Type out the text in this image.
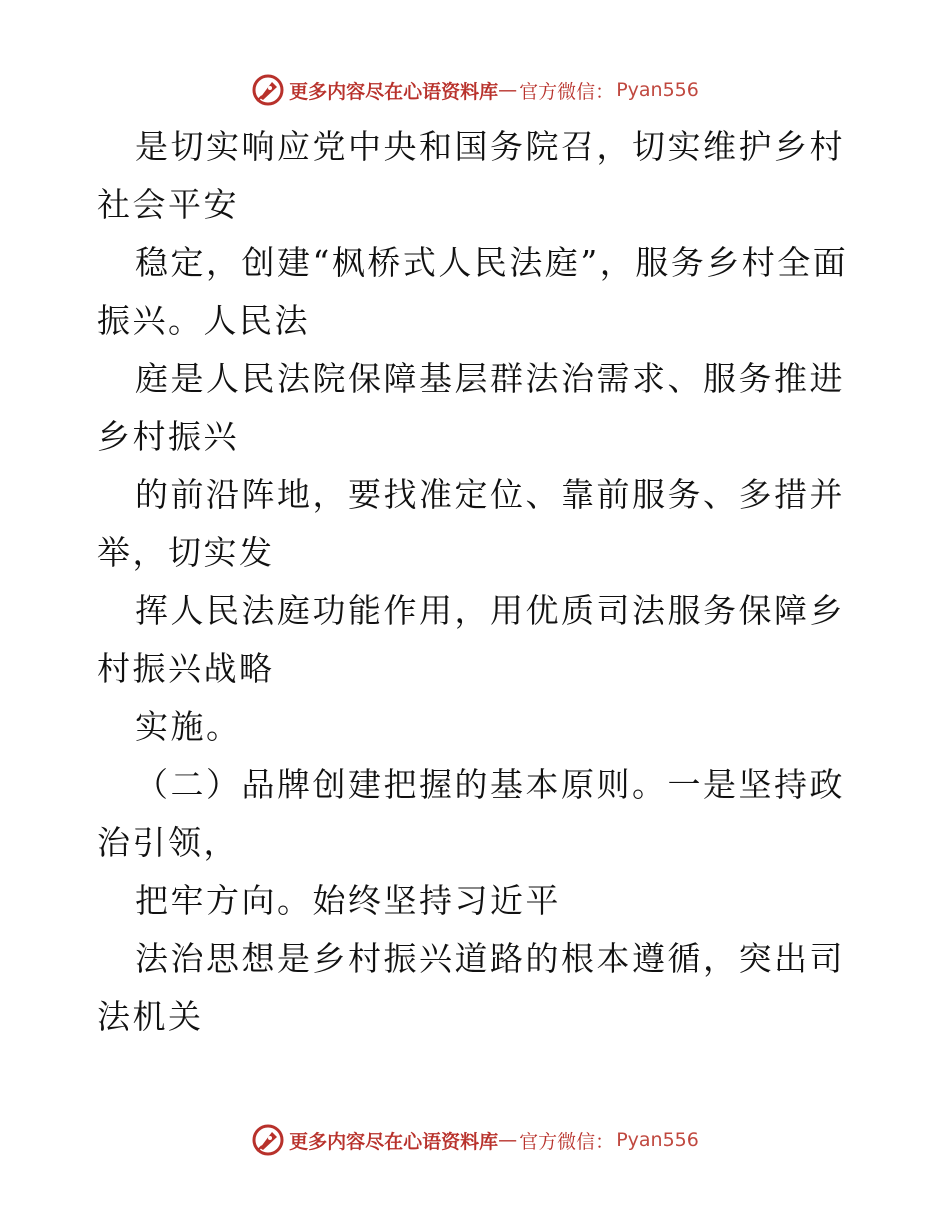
更多内容尽在心语资料库 — 官方微信： Pyan556

是切实响应党中央和国务院召，切实维护乡村社会平安

稳定，创建“枫桥式人民法庭”，服务乡村全面振兴。人民法

庭是人民法院保障基层群法治需求、服务推进乡村振兴

的前沿阵地，要找准定位、靠前服务、多措并举，切实发

挥人民法庭功能作用，用优质司法服务保障乡村振兴战略

实施。

（二）品牌创建把握的基本原则。一是坚持政治引领，

把牢方向。始终坚持习近平

法治思想是乡村振兴道路的根本遵循，突出司法机关

更多内容尽在心语资料库 — 官方微信： Pyan556
